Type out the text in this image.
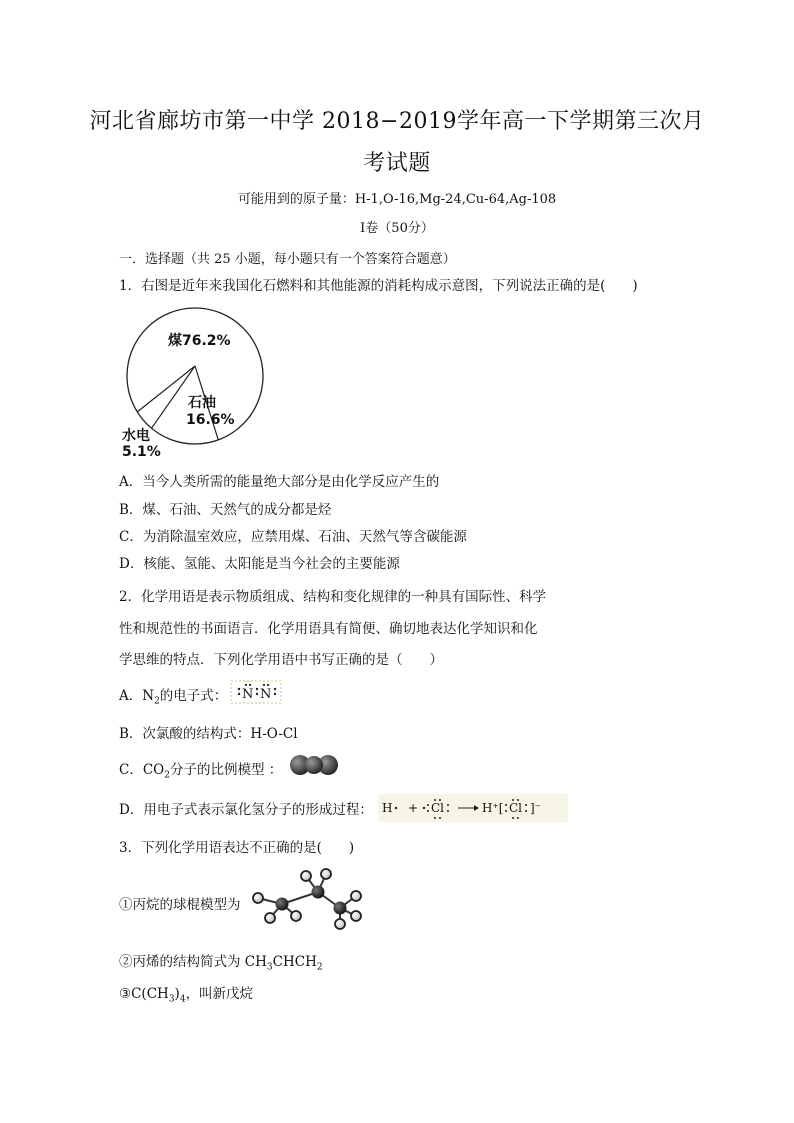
河北省廊坊市第一中学 2018−2019学年高一下学期第三次月
考试题
可能用到的原子量：H-1,O-16,Mg-24,Cu-64,Ag-108
I卷（50分）
一．选择题（共 25 小题，每小题只有一个答案符合题意）
1．右图是近年来我国化石燃料和其他能源的消耗构成示意图，下列说法正确的是(　　)
煤76.2%
石油
16.6%
水电
5.1%
A．当今人类所需的能量绝大部分是由化学反应产生的
B．煤、石油、天然气的成分都是烃
C．为消除温室效应，应禁用煤、石油、天然气等含碳能源
D．核能、氢能、太阳能是当今社会的主要能源
2．化学用语是表示物质组成、结构和变化规律的一种具有国际性、科学
性和规范性的书面语言．化学用语具有简便、确切地表达化学知识和化
学思维的特点．下列化学用语中书写正确的是（　　）
A．$N_2$的电子式： N N
B．次氯酸的结构式：H-O-Cl
C．$CO_2$分子的比例模型 ：
D．用电子式表示氯化氢分子的形成过程： H + Cl	H⁺[ Cl ]⁻
3．下列化学用语表达不正确的是(　　)
①丙烷的球棍模型为
②丙烯的结构简式为 $CH_3CHCH_2$
$③C(CH_3)_4$，叫新戊烷
